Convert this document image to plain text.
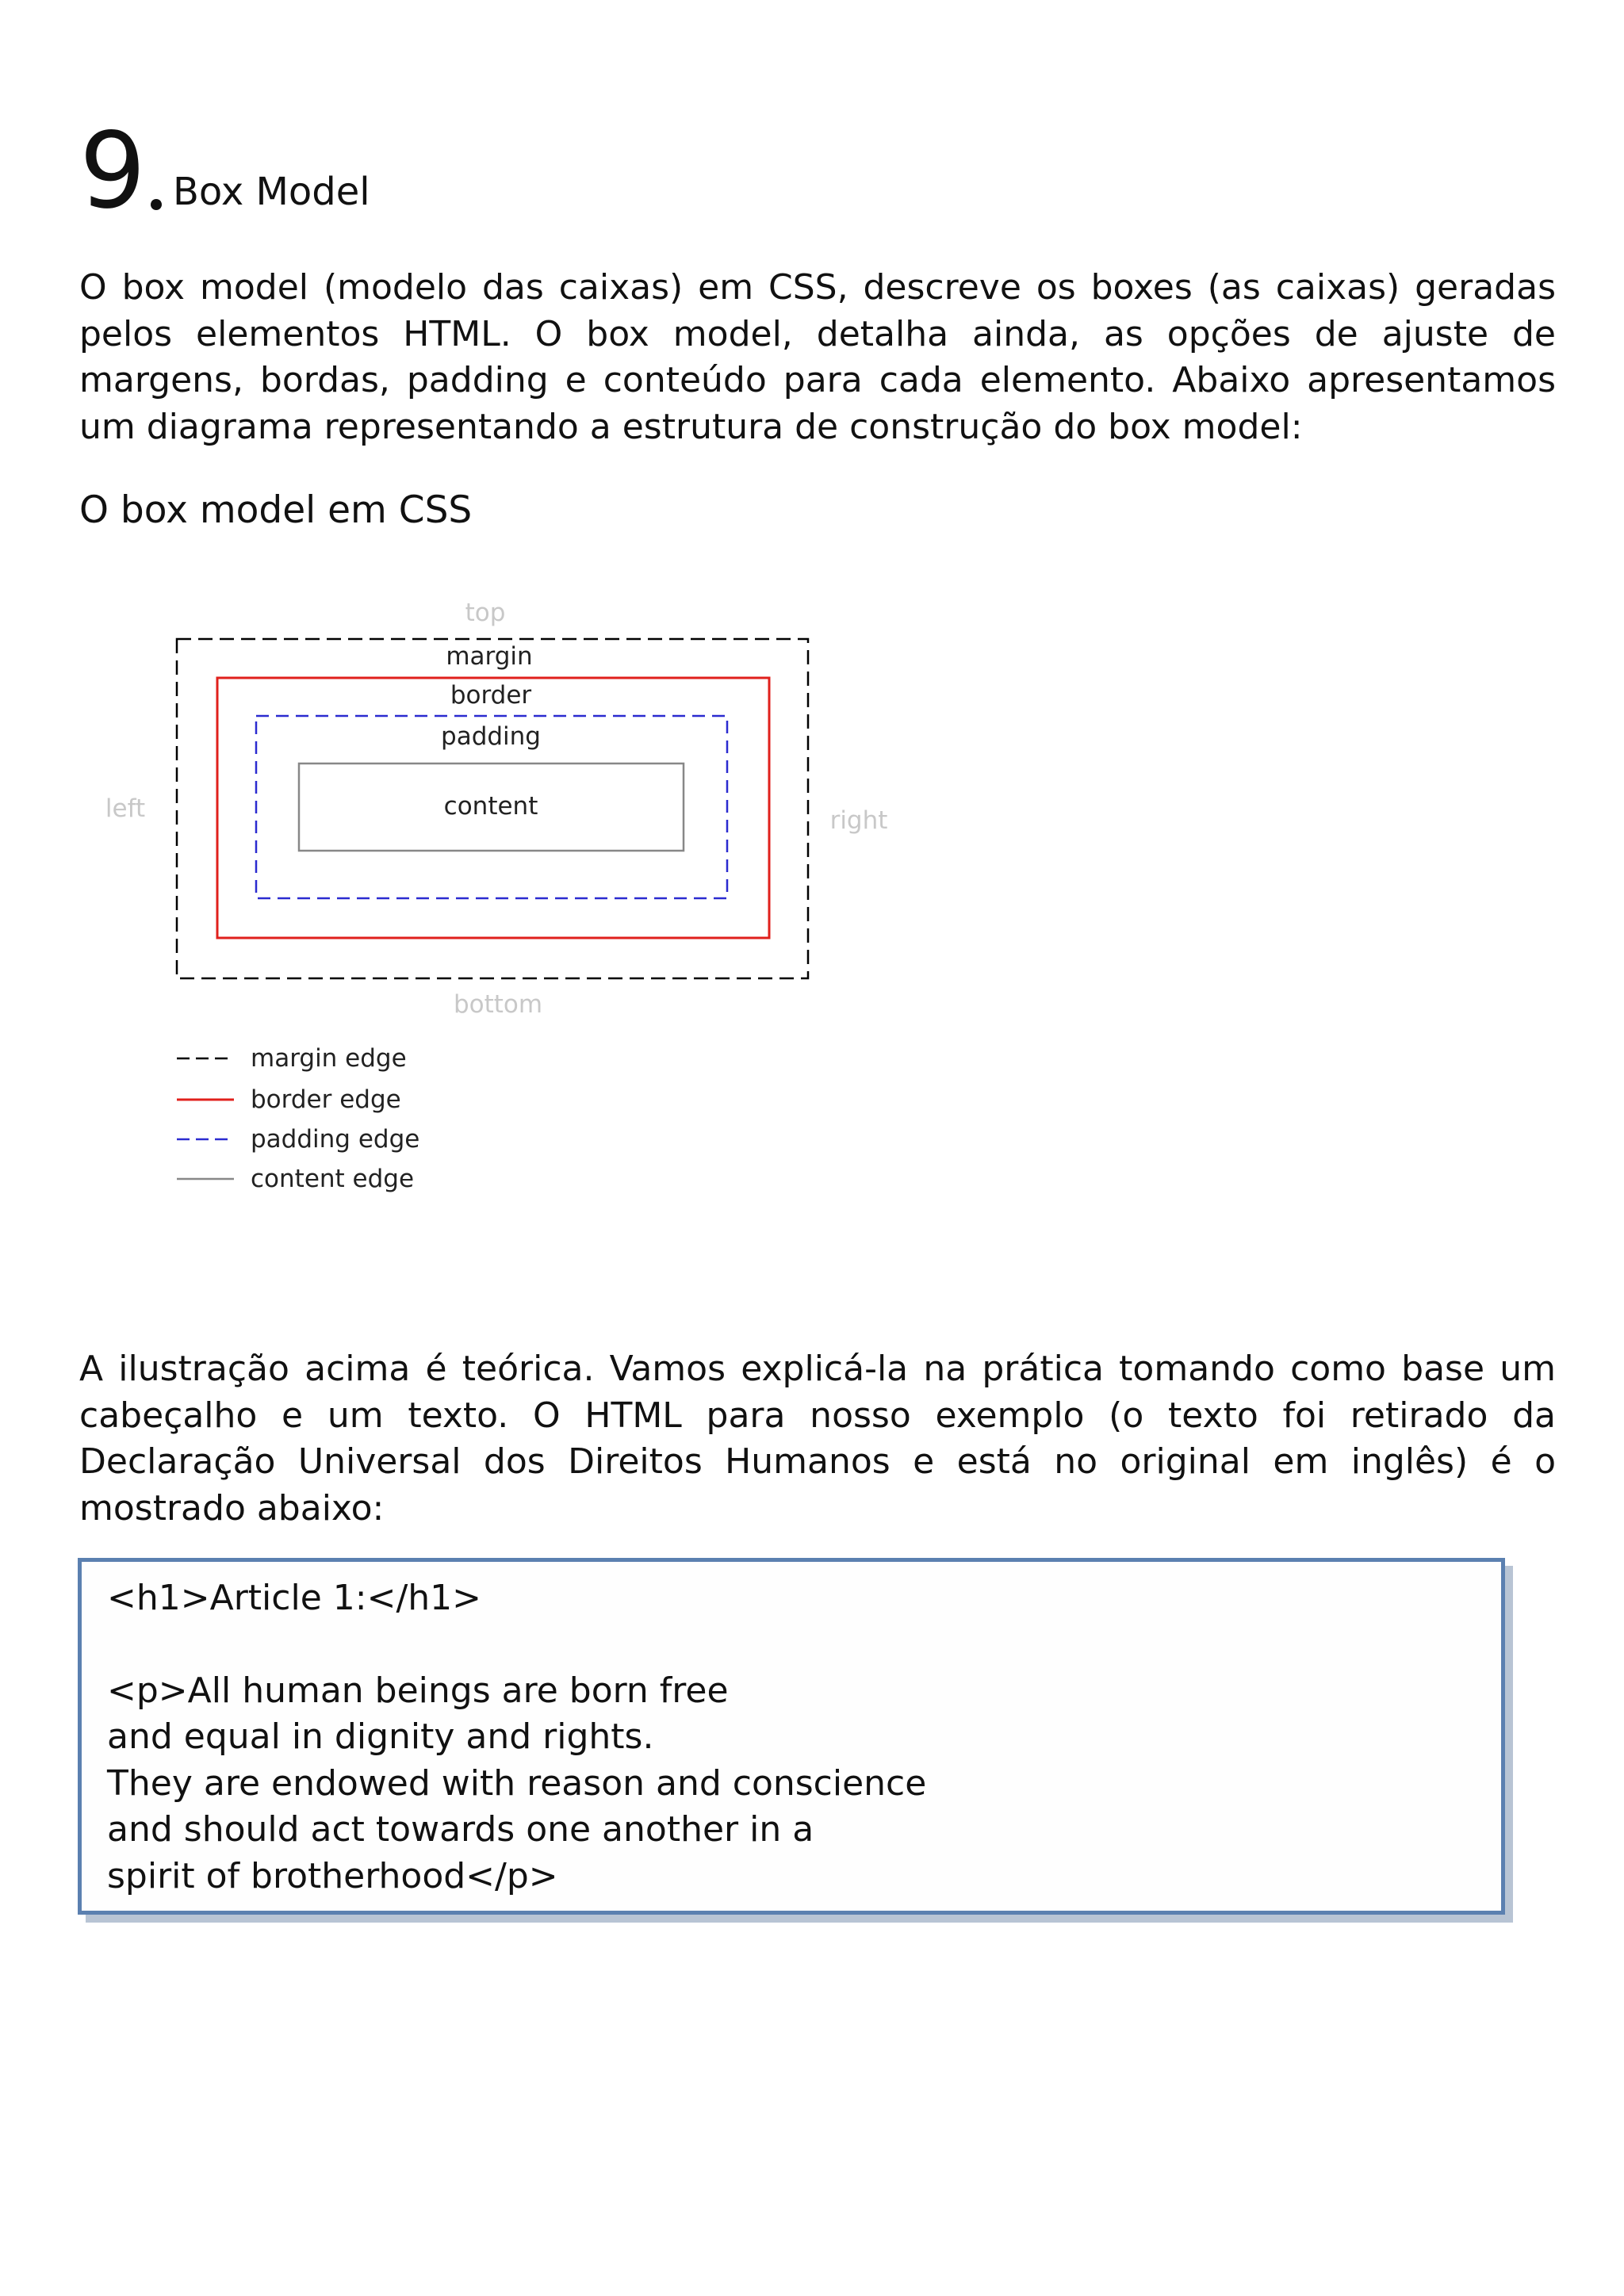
9 Box Model

O box model (modelo das caixas) em CSS, descreve os boxes (as caixas) geradas pelos elementos HTML. O box model, detalha ainda, as opções de ajuste de margens, bordas, padding e conteúdo para cada elemento. Abaixo apresentamos um diagrama representando a estrutura de construção do box model:

O box model em CSS
top
bottom
left	right
margin
border
padding
content
margin edge
border edge
padding edge
content edge

A ilustração acima é teórica. Vamos explicá-la na prática tomando como base um cabeçalho e um texto. O HTML para nosso exemplo (o texto foi retirado da Declaração Universal dos Direitos Humanos e está no original em inglês) é o mostrado abaixo:

<h1>Article 1:</h1>
<p>All human beings are born free
and equal in dignity and rights.
They are endowed with reason and conscience
and should act towards one another in a
spirit of brotherhood</p>
